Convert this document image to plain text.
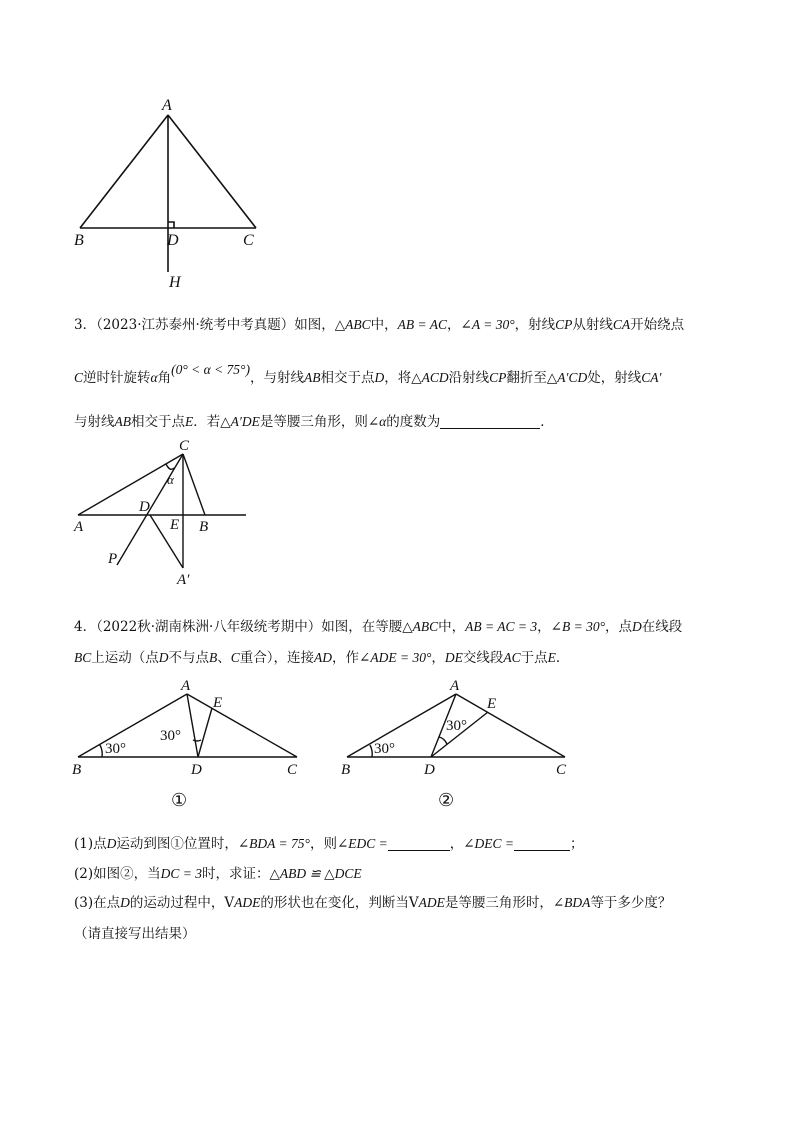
A
B	D	C
H
3．（2023·江苏泰州·统考中考真题）如图，△ABC中，AB = AC，∠A = 30°，射线CP从射线CA开始绕点
C逆时针旋转α角(0° < α < 75°)，与射线AB相交于点D，将△ACD沿射线CP翻折至△A′CD处，射线CA′
与射线AB相交于点E．若△A′DE是等腰三角形，则∠α的度数为	．
C
α
D
A	E B
P
A′
4．（2022秋·湖南株洲·八年级统考期中）如图，在等腰△ABC中，AB = AC = 3，∠B = 30°，点D在线段
BC上运动（点D不与点B、C重合），连接AD，作∠ADE = 30°，DE交线段AC于点E．
A
E
30°
30°
B	D	C
①
A
E
30°
30°
B	D	C
②
(1)点D运动到图①位置时，∠BDA = 75°，则∠EDC =	，∠DEC =	；
(2)如图②，当DC = 3时，求证：△ABD ≌ △DCE
(3)在点D的运动过程中，VADE的形状也在变化，判断当VADE是等腰三角形时，∠BDA等于多少度？
（请直接写出结果）
